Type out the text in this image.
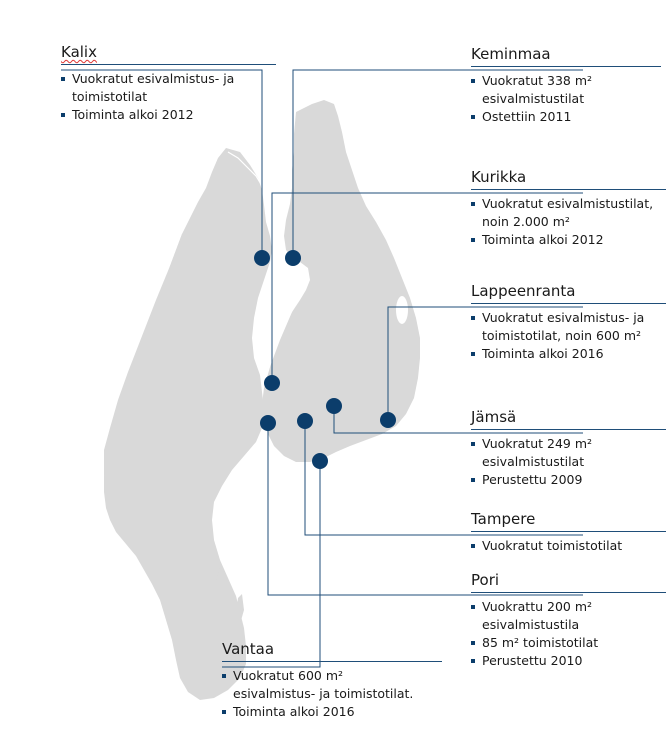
Kalix
Vuokratut esivalmistus- ja
toimistotilat
Toiminta alkoi 2012
Keminmaa
Vuokratut 338 m²
esivalmistustilat
Ostettiin 2011
Kurikka
Vuokratut esivalmistustilat,
noin 2.000 m²
Toiminta alkoi 2012
Lappeenranta
Vuokratut esivalmistus- ja
toimistotilat, noin 600 m²
Toiminta alkoi 2016
Jämsä
Vuokratut 249 m²
esivalmistustilat
Perustettu 2009
Tampere
Vuokratut toimistotilat
Pori
Vuokrattu 200 m²
esivalmistustila
85 m² toimistotilat
Perustettu 2010
Vantaa
Vuokratut 600 m²
esivalmistus- ja toimistotilat.
Toiminta alkoi 2016
